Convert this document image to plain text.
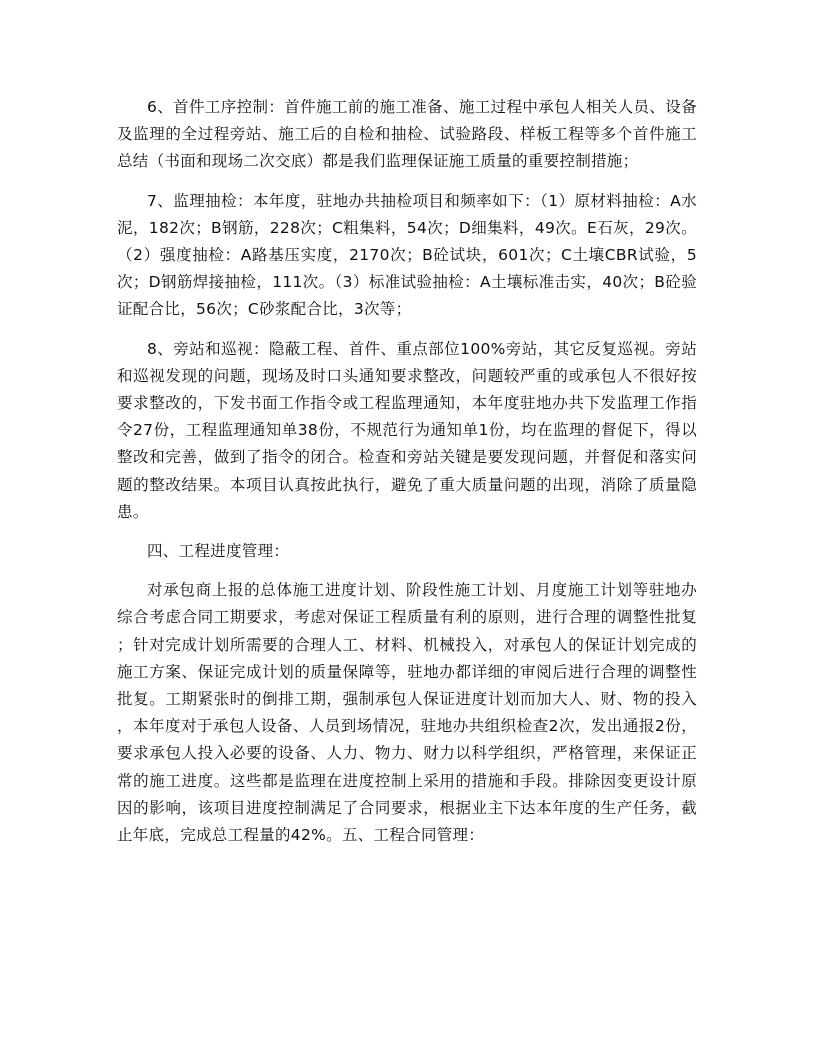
6、首件工序控制：首件施工前的施工准备、施工过程中承包人相关人员、设备及监理的全过程旁站、施工后的自检和抽检、试验路段、样板工程等多个首件施工总结（书面和现场二次交底）都是我们监理保证施工质量的重要控制措施；

7、监理抽检：本年度，驻地办共抽检项目和频率如下：（1）原材料抽检：A水泥，182次；B钢筋，228次；C粗集料，54次；D细集料，49次。E石灰，29次。（2）强度抽检：A路基压实度，2170次；B砼试块，601次；C土壤CBR试验，5次；D钢筋焊接抽检，111次。（3）标准试验抽检：A土壤标准击实，40次；B砼验证配合比，56次；C砂浆配合比，3次等；

8、旁站和巡视：隐蔽工程、首件、重点部位100%旁站，其它反复巡视。旁站和巡视发现的问题，现场及时口头通知要求整改，问题较严重的或承包人不很好按要求整改的，下发书面工作指令或工程监理通知，本年度驻地办共下发监理工作指令27份，工程监理通知单38份，不规范行为通知单1份，均在监理的督促下，得以整改和完善，做到了指令的闭合。检查和旁站关键是要发现问题，并督促和落实问题的整改结果。本项目认真按此执行，避免了重大质量问题的出现，消除了质量隐患。

四、工程进度管理：

对承包商上报的总体施工进度计划、阶段性施工计划、月度施工计划等驻地办综合考虑合同工期要求，考虑对保证工程质量有利的原则，进行合理的调整性批复；针对完成计划所需要的合理人工、材料、机械投入，对承包人的保证计划完成的施工方案、保证完成计划的质量保障等，驻地办都详细的审阅后进行合理的调整性批复。工期紧张时的倒排工期，强制承包人保证进度计划而加大人、财、物的投入，本年度对于承包人设备、人员到场情况，驻地办共组织检查2次，发出通报2份，要求承包人投入必要的设备、人力、物力、财力以科学组织，严格管理，来保证正常的施工进度。这些都是监理在进度控制上采用的措施和手段。排除因变更设计原因的影响，该项目进度控制满足了合同要求，根据业主下达本年度的生产任务，截止年底，完成总工程量的42%。五、工程合同管理：
